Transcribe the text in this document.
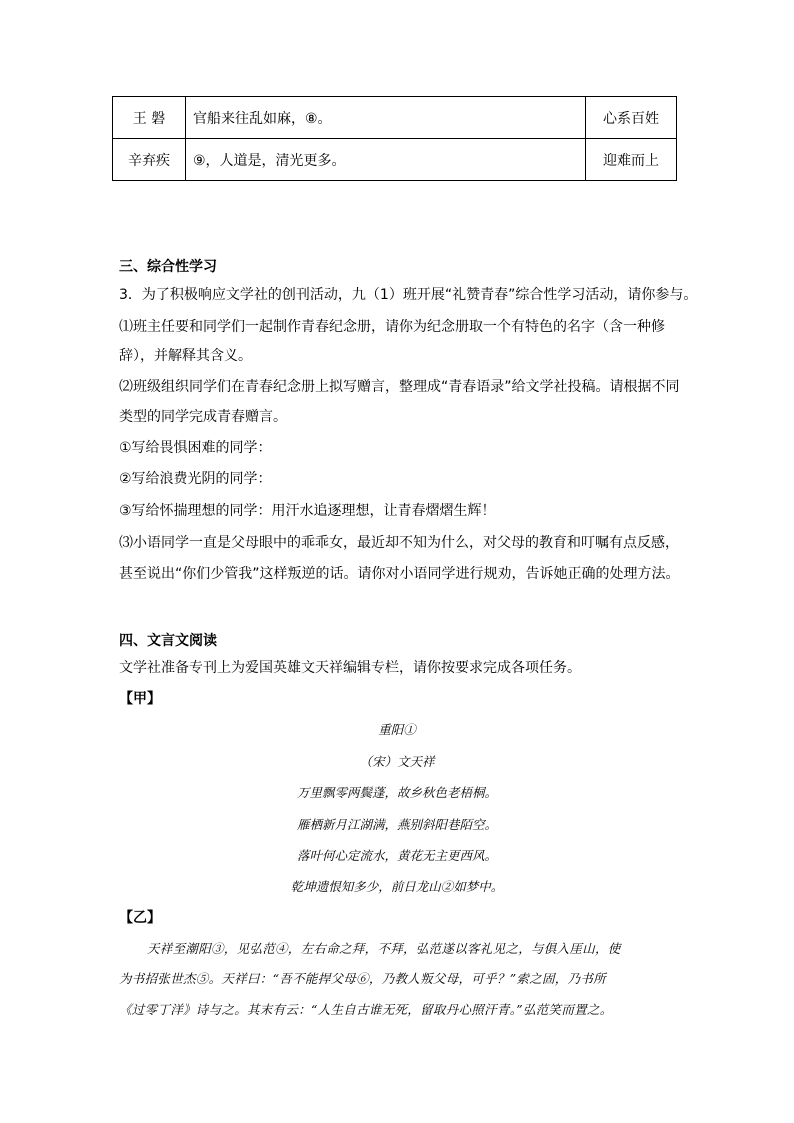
王 磐	官船来往乱如麻，⑧。	心系百姓
辛弃疾	⑨，人道是，清光更多。	迎难而上
三、综合性学习
3．为了积极响应文学社的创刊活动，九（1）班开展“礼赞青春”综合性学习活动，请你参与。
⑴班主任要和同学们一起制作青春纪念册，请你为纪念册取一个有特色的名字（含一种修
辞），并解释其含义。
⑵班级组织同学们在青春纪念册上拟写赠言，整理成“青春语录”给文学社投稿。请根据不同
类型的同学完成青春赠言。
①写给畏惧困难的同学：
②写给浪费光阴的同学：
③写给怀揣理想的同学：用汗水追逐理想，让青春熠熠生辉！
⑶小语同学一直是父母眼中的乖乖女，最近却不知为什么，对父母的教育和叮嘱有点反感，
甚至说出“你们少管我”这样叛逆的话。请你对小语同学进行规劝，告诉她正确的处理方法。
四、文言文阅读
文学社准备专刊上为爱国英雄文天祥编辑专栏，请你按要求完成各项任务。
【甲】
重阳①
（宋）文天祥
万里飘零两鬓蓬，故乡秋色老梧桐。
雁栖新月江湖满，燕别斜阳巷陌空。
落叶何心定流水，黄花无主更西风。
乾坤遗恨知多少，前日龙山②如梦中。
【乙】
天祥至潮阳③，见弘范④，左右命之拜，不拜，弘范遂以客礼见之，与俱入厓山，使
为书招张世杰⑤。天祥曰：“吾不能捍父母⑥，乃教人叛父母，可乎？”索之固，乃书所
《过零丁洋》诗与之。其末有云：“人生自古谁无死，留取丹心照汗青。”弘范笑而置之。
